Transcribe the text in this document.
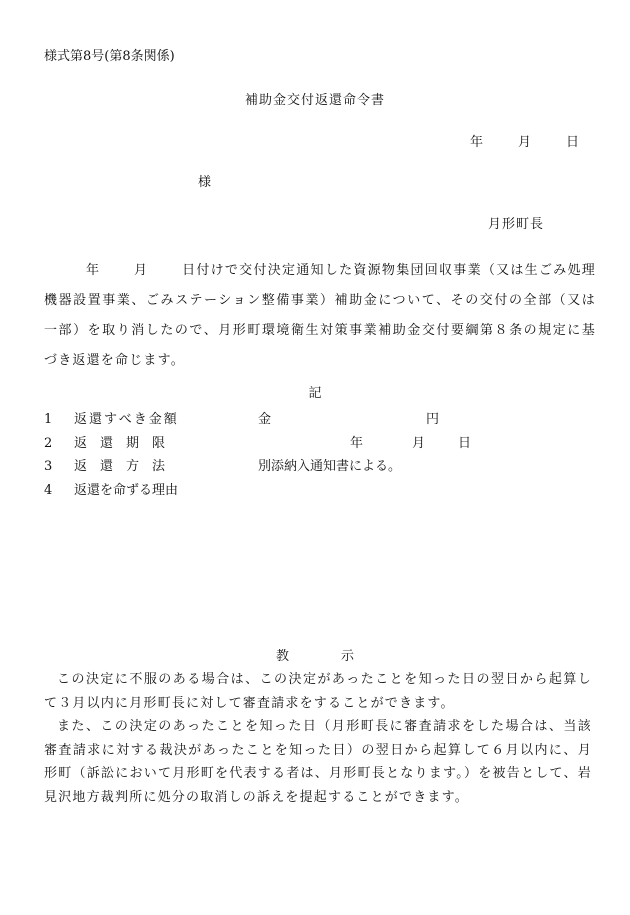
様式第8号(第8条関係)
補助金交付返還命令書
年	月	日
様
月形町長
年	月	日付けで交付決定通知した資源物集団回収事業（又は生ごみ処理機器設置事業、ごみステーション整備事業）補助金について、その交付の全部（又は一部）を取り消したので、月形町環境衛生対策事業補助金交付要綱第８条の規定に基づき返還を命じます。
記
1 返還すべき金額	金	円
2 返　還　期　限	年	月	日
3 返　還　方　法	別添納入通知書による。
4 返還を命ずる理由
教	示

この決定に不服のある場合は、この決定があったことを知った日の翌日から起算して３月以内に月形町長に対して審査請求をすることができます。

また、この決定のあったことを知った日（月形町長に審査請求をした場合は、当該審査請求に対する裁決があったことを知った日）の翌日から起算して６月以内に、月形町（訴訟において月形町を代表する者は、月形町長となります。）を被告として、岩見沢地方裁判所に処分の取消しの訴えを提起することができます。
